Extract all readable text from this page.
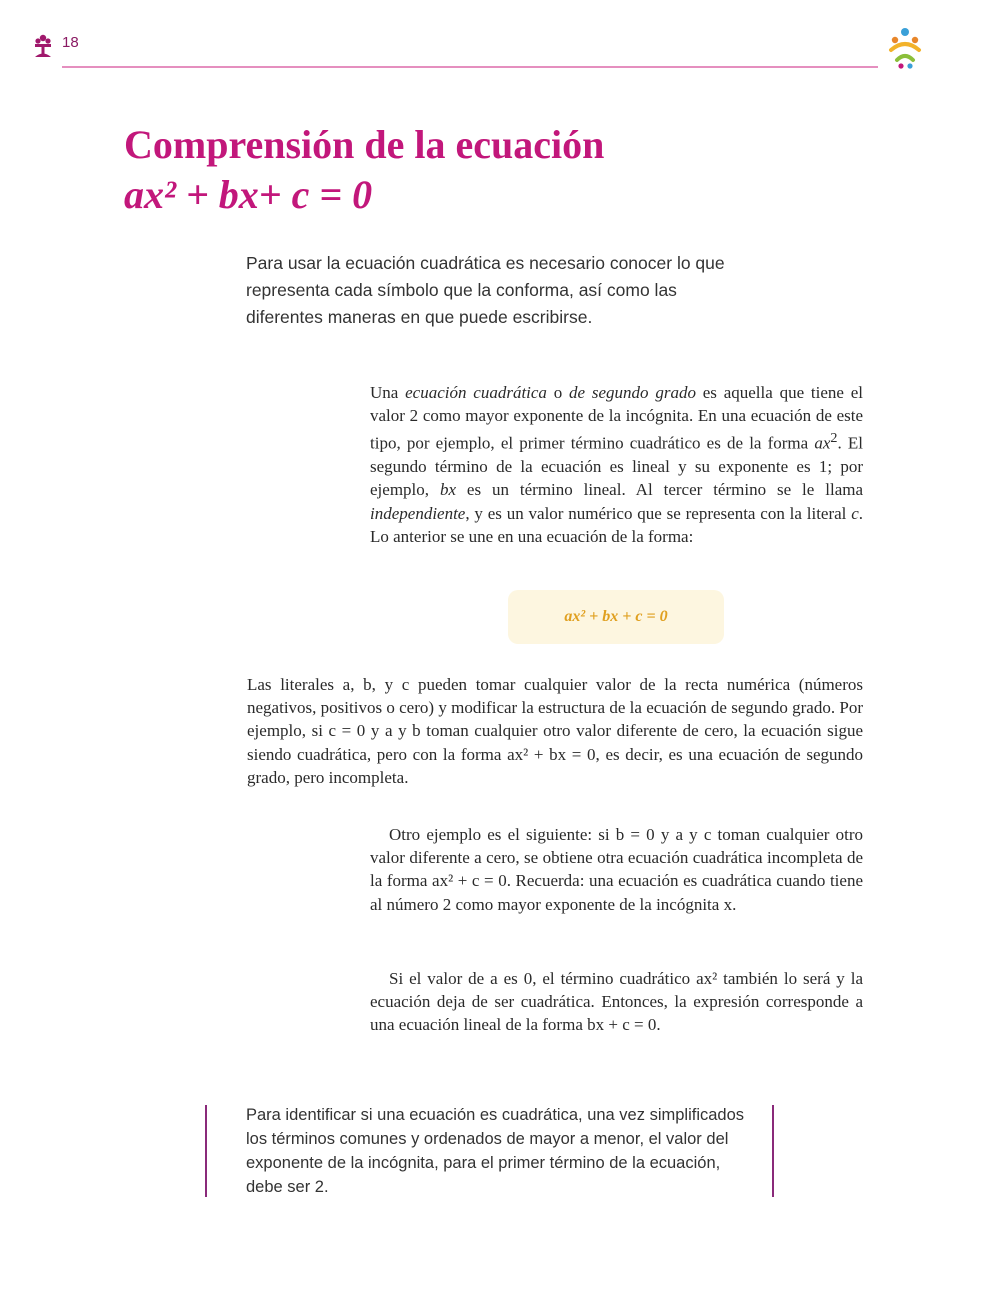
18
Comprensión de la ecuación
ax² + bx+ c = 0

Para usar la ecuación cuadrática es necesario conocer lo que representa cada símbolo que la conforma, así como las diferentes maneras en que puede escribirse.

Una ecuación cuadrática o de segundo grado es aquella que tiene el valor 2 como mayor exponente de la incógnita. En una ecuación de este tipo, por ejemplo, el primer término cuadrático es de la forma $ax^2$. El segundo término de la ecuación es lineal y su exponente es 1; por ejemplo, bx es un término lineal. Al tercer término se le llama independiente, y es un valor numérico que se representa con la literal c. Lo anterior se une en una ecuación de la forma:

ax² + bx + c = 0

Las literales a, b, y c pueden tomar cualquier valor de la recta numérica (números negativos, positivos o cero) y modificar la estructura de la ecuación de segundo grado. Por ejemplo, si c = 0 y a y b toman cualquier otro valor diferente de cero, la ecuación sigue siendo cuadrática, pero con la forma ax² + bx = 0, es decir, es una ecuación de segundo grado, pero incompleta.

Otro ejemplo es el siguiente: si b = 0 y a y c toman cualquier otro valor diferente a cero, se obtiene otra ecuación cuadrática incompleta de la forma ax² + c = 0. Recuerda: una ecuación es cuadrática cuando tiene al número 2 como mayor exponente de la incógnita x.

Si el valor de a es 0, el término cuadrático ax² también lo será y la ecuación deja de ser cuadrática. Entonces, la expresión corresponde a una ecuación lineal de la forma bx + c = 0.

Para identificar si una ecuación es cuadrática, una vez simplificados los términos comunes y ordenados de mayor a menor, el valor del exponente de la incógnita, para el primer término de la ecuación, debe ser 2.
